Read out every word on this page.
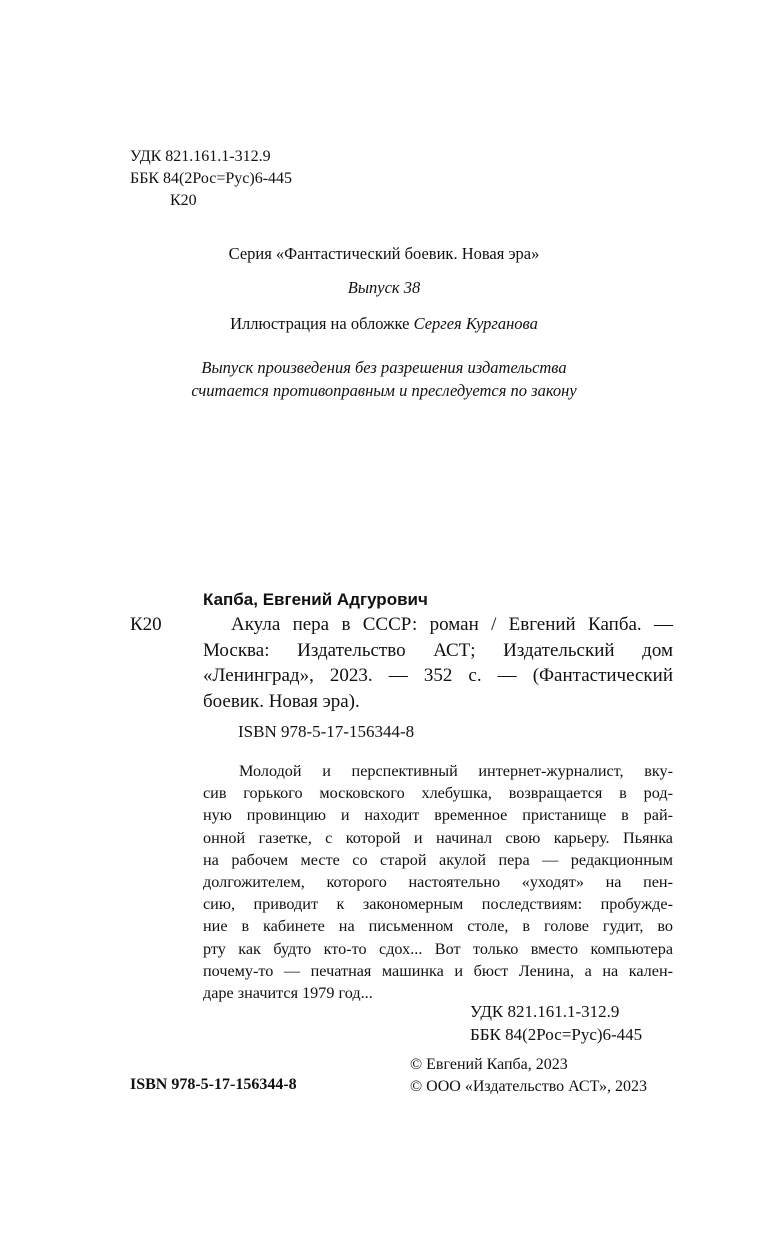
УДК 821.161.1-312.9
ББК 84(2Рос=Рус)6-445
К20
Серия «Фантастический боевик. Новая эра»
Выпуск 38
Иллюстрация на обложке Сергея Курганова
Выпуск произведения без разрешения издательства
считается противоправным и преследуется по закону
Капба, Евгений Адгурович
К20	Акула пера в СССР: роман / Евгений Капба. —
Москва: Издательство АСТ; Издательский дом
«Ленинград», 2023. — 352 с. — (Фантастический
боевик. Новая эра).
ISBN 978-5-17-156344-8
Молодой и перспективный интернет-журналист, вку-
сив горького московского хлебушка, возвращается в род-
ную провинцию и находит временное пристанище в рай-
онной газетке, с которой и начинал свою карьеру. Пьянка
на рабочем месте со старой акулой пера — редакционным
долгожителем, которого настоятельно «уходят» на пен-
сию, приводит к закономерным последствиям: пробужде-
ние в кабинете на письменном столе, в голове гудит, во
рту как будто кто-то сдох... Вот только вместо компьютера
почему-то — печатная машинка и бюст Ленина, а на кален-
даре значится 1979 год...
УДК 821.161.1-312.9
ББК 84(2Рос=Рус)6-445
© Евгений Капба, 2023
© ООО «Издательство АСТ», 2023
ISBN 978-5-17-156344-8
